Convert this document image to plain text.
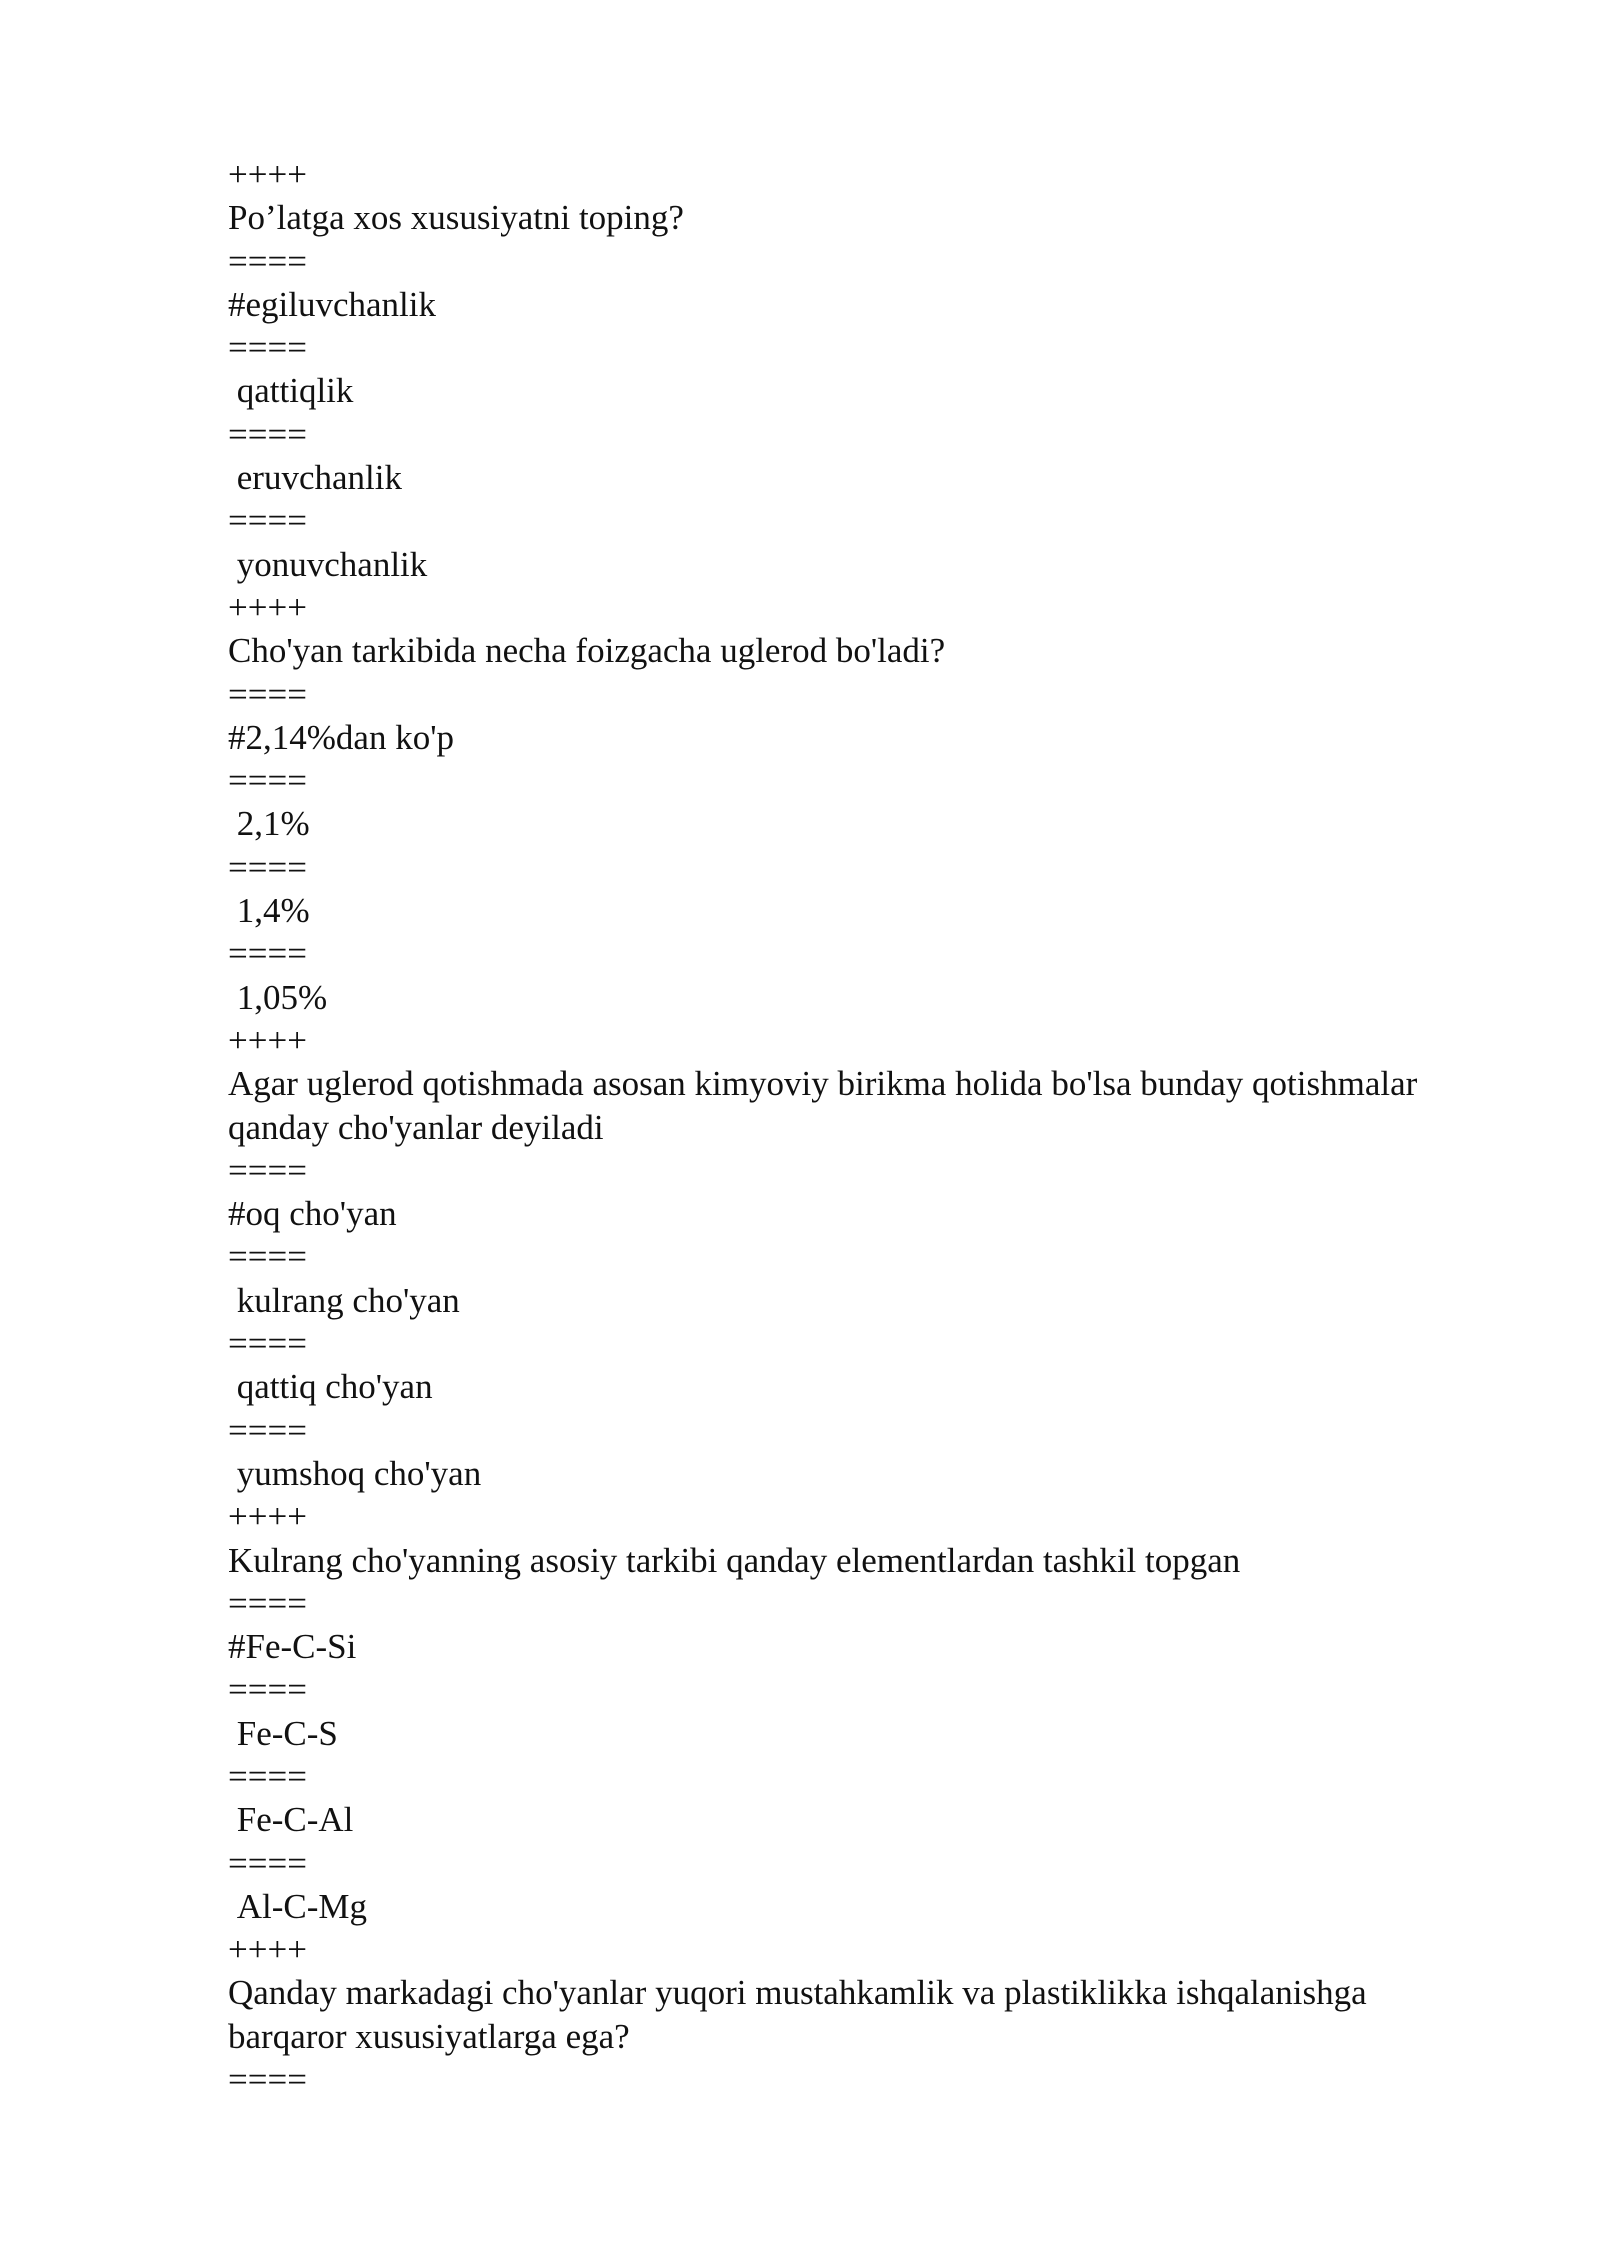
++++
Po’latga xos xususiyatni toping?
====
#egiluvchanlik
====
qattiqlik
====
eruvchanlik
====
yonuvchanlik
++++
Cho'yan tarkibida necha foizgacha uglerod bo'ladi?
====
#2,14%dan ko'p
====
2,1%
====
1,4%
====
1,05%
++++
Agar uglerod qotishmada asosan kimyoviy birikma holida bo'lsa bunday qotishmalar qanday cho'yanlar deyiladi
====
#oq cho'yan
====
kulrang cho'yan
====
qattiq cho'yan
====
yumshoq cho'yan
++++
Kulrang cho'yanning asosiy tarkibi qanday elementlardan tashkil topgan
====
#Fe-C-Si
====
Fe-C-S
====
Fe-C-Al
====
Al-C-Mg
++++
Qanday markadagi cho'yanlar yuqori mustahkamlik va plastiklikka ishqalanishga barqaror xususiyatlarga ega?
====
